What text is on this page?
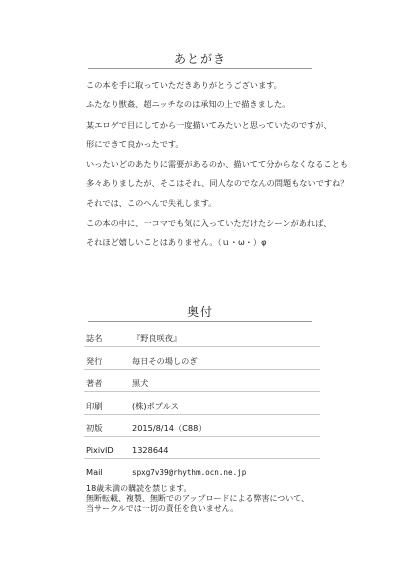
あとがき
この本を手に取っていただきありがとうございます。
ふたなり獣姦、超ニッチなのは承知の上で描きました。
某エロゲで目にしてから一度描いてみたいと思っていたのですが、
形にできて良かったです。
いったいどのあたりに需要があるのか、描いてて分からなくなることも
多々ありましたが、そこはそれ、同人なのでなんの問題もないですね？
それでは、このへんで失礼します。
この本の中に、一コマでも気に入っていただけたシーンがあれば、
それほど嬉しいことはありません。（ｕ・ω・）φ
奥付
誌名	『野良咲夜』
発行	毎日その場しのぎ
著者	黒犬
印刷	(株)ポプルス
初版	2015/8/14（C88）
PixivID 1328644
Mail	spxg7v39@rhythm.ocn.ne.jp
18歳未満の購読を禁じます。
無断転載、複製、無断でのアップロードによる弊害について、
当サークルでは一切の責任を負いません。
